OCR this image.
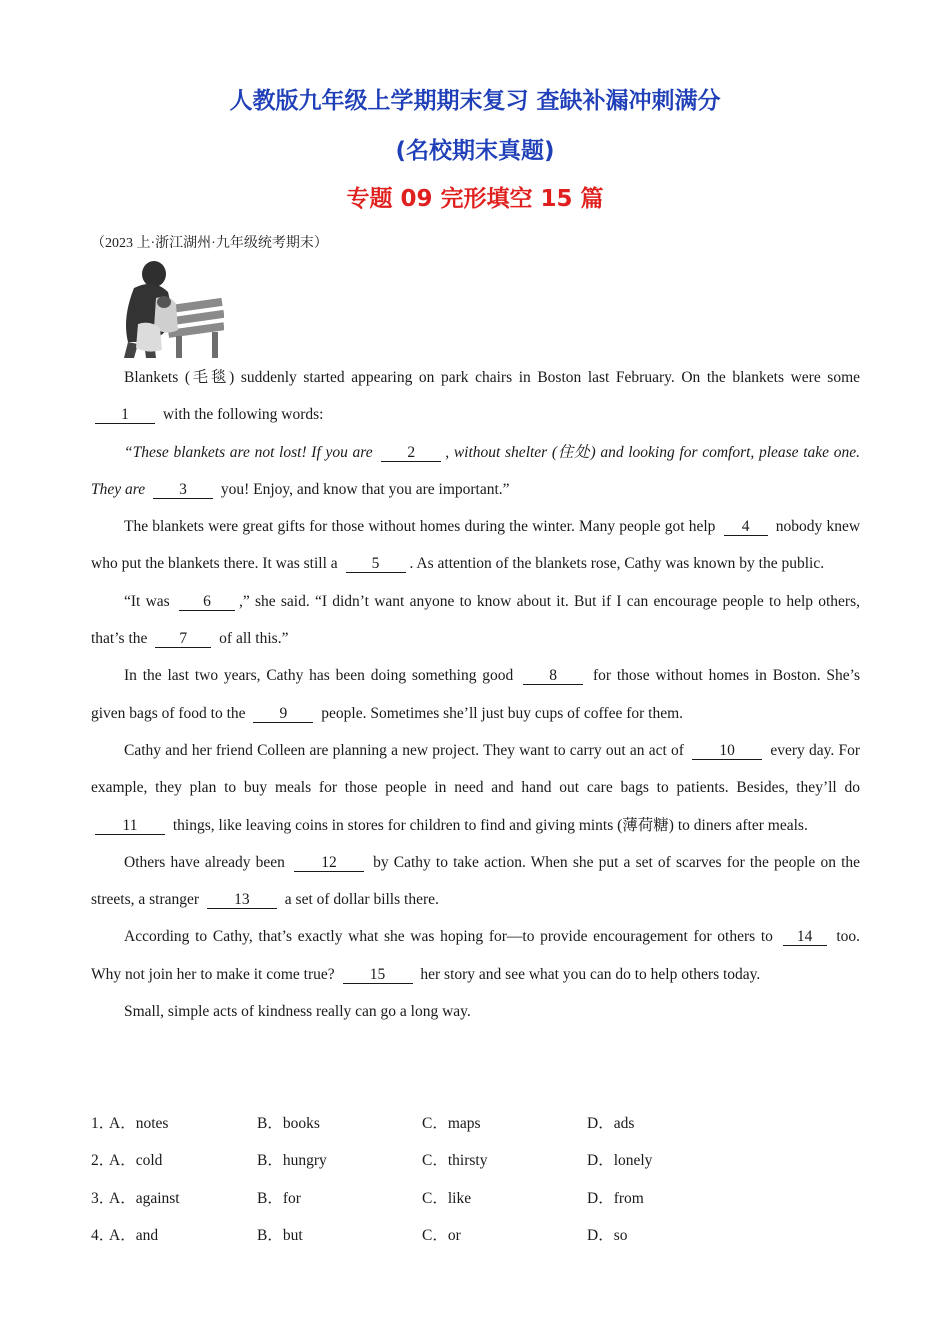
人教版九年级上学期期末复习 查缺补漏冲刺满分
(名校期末真题)
专题 09 完形填空 15 篇
（2023 上·浙江湖州·九年级统考期末）

Blankets (毛毯) suddenly started appearing on park chairs in Boston last February. On the blankets were some 1 with the following words:

“These blankets are not lost! If you are 2 , without shelter (住处) and looking for comfort, please take one. They are 3 you! Enjoy, and know that you are important.”

The blankets were great gifts for those without homes during the winter. Many people got help 4 nobody knew who put the blankets there. It was still a 5 . As attention of the blankets rose, Cathy was known by the public.

“It was 6 ,” she said. “I didn’t want anyone to know about it. But if I can encourage people to help others, that’s the 7 of all this.”

In the last two years, Cathy has been doing something good 8 for those without homes in Boston. She’s given bags of food to the 9 people. Sometimes she’ll just buy cups of coffee for them.

Cathy and her friend Colleen are planning a new project. They want to carry out an act of 10 every day. For example, they plan to buy meals for those people in need and hand out care bags to patients. Besides, they’ll do 11 things, like leaving coins in stores for children to find and giving mints (薄荷糖) to diners after meals.

Others have already been 12 by Cathy to take action. When she put a set of scarves for the people on the streets, a stranger 13 a set of dollar bills there.

According to Cathy, that’s exactly what she was hoping for—to provide encouragement for others to 14 too. Why not join her to make it come true? 15 her story and see what you can do to help others today.

Small, simple acts of kindness really can go a long way.

1．
A．notes	B．books	C．maps	D．ads
2．
A．cold	B．hungry	C．thirsty	D．lonely
3．
A．against	B．for	C．like	D．from
4．
A．and	B．but	C．or	D．so
